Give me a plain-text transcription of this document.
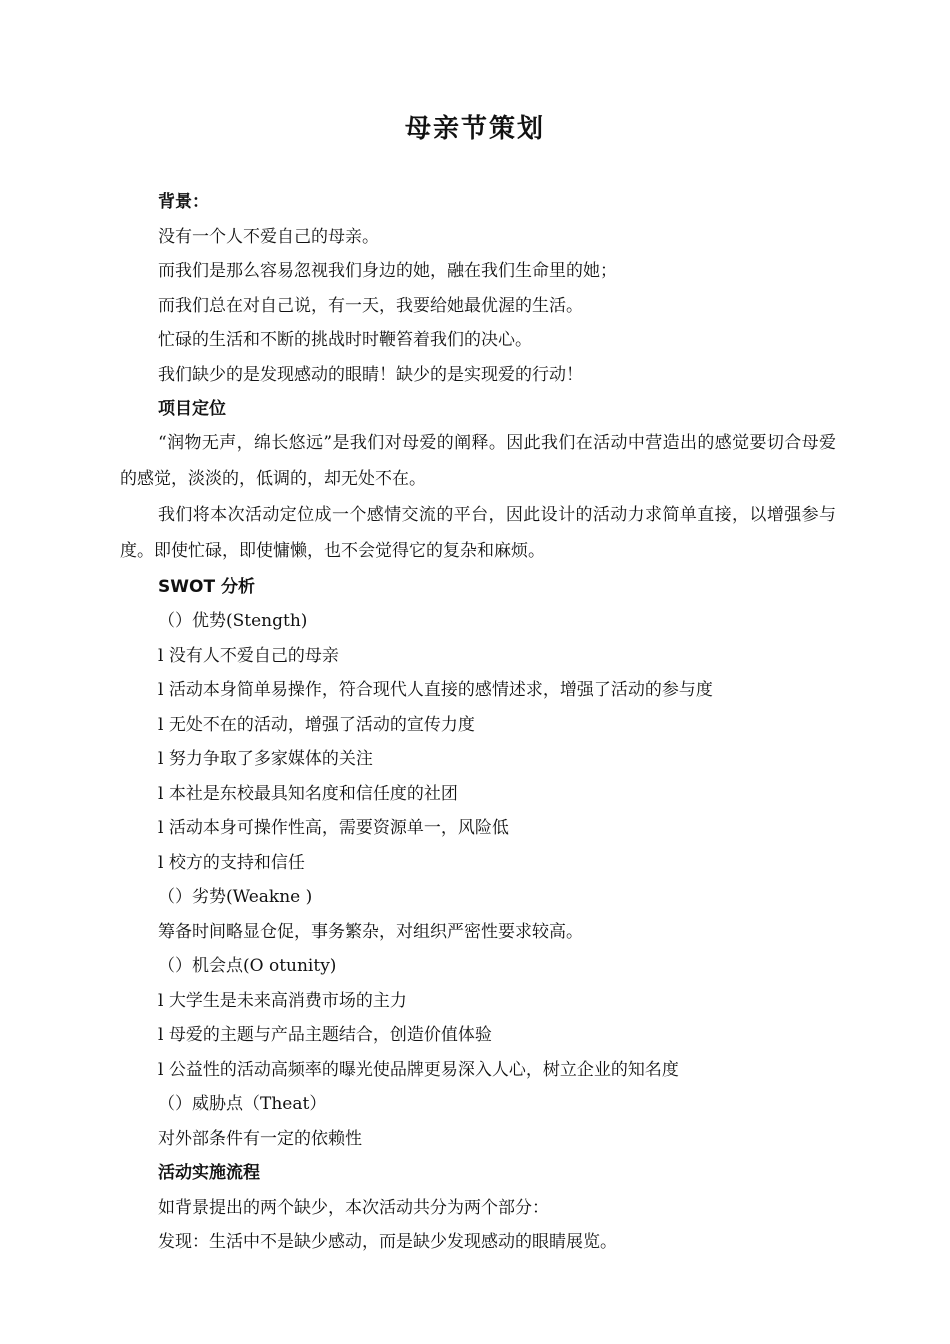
母亲节策划
背景：
没有一个人不爱自己的母亲。
而我们是那么容易忽视我们身边的她，融在我们生命里的她；
而我们总在对自己说，有一天，我要给她最优渥的生活。
忙碌的生活和不断的挑战时时鞭笞着我们的决心。
我们缺少的是发现感动的眼睛！缺少的是实现爱的行动！
项目定位
“润物无声，绵长悠远”是我们对母爱的阐释。因此我们在活动中营造出的感觉要切合母爱的感觉，淡淡的，低调的，却无处不在。
我们将本次活动定位成一个感情交流的平台，因此设计的活动力求简单直接，以增强参与度。即使忙碌，即使慵懒，也不会觉得它的复杂和麻烦。
SWOT 分析
（）优势(Stength)
l 没有人不爱自己的母亲
l 活动本身简单易操作，符合现代人直接的感情述求，增强了活动的参与度
l 无处不在的活动，增强了活动的宣传力度
l 努力争取了多家媒体的关注
l 本社是东校最具知名度和信任度的社团
l 活动本身可操作性高，需要资源单一，风险低
l 校方的支持和信任
（）劣势(Weakne )
筹备时间略显仓促，事务繁杂，对组织严密性要求较高。
（）机会点(O otunity)
l 大学生是未来高消费市场的主力
l 母爱的主题与产品主题结合，创造价值体验
l 公益性的活动高频率的曝光使品牌更易深入人心，树立企业的知名度
（）威胁点（Theat）
对外部条件有一定的依赖性
活动实施流程
如背景提出的两个缺少，本次活动共分为两个部分：
发现：生活中不是缺少感动，而是缺少发现感动的眼睛展览。
